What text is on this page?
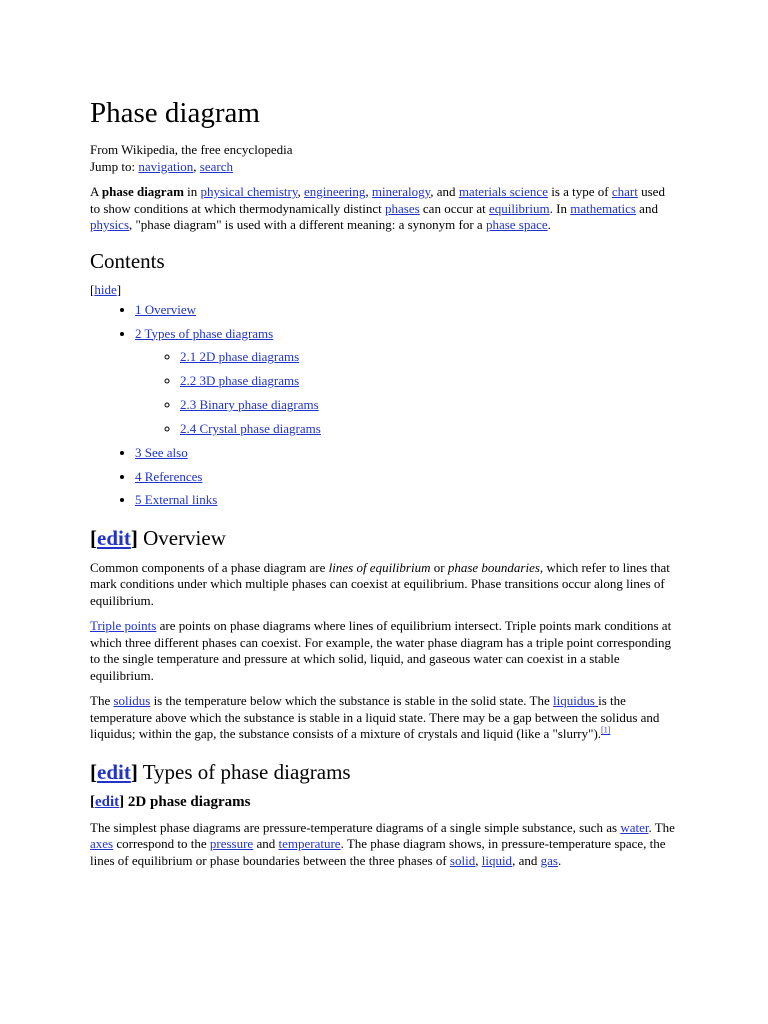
Phase diagram
From Wikipedia, the free encyclopedia
Jump to: navigation, search

A phase diagram in physical chemistry, engineering, mineralogy, and materials science is a type of chart used to show conditions at which thermodynamically distinct phases can occur at equilibrium. In mathematics and physics, "phase diagram" is used with a different meaning: a synonym for a phase space.

Contents
[hide]
• 1 Overview
• 2 Types of phase diagrams
◦ 2.1 2D phase diagrams
◦ 2.2 3D phase diagrams
◦ 2.3 Binary phase diagrams
◦ 2.4 Crystal phase diagrams
• 3 See also
• 4 References
• 5 External links
[edit] Overview

Common components of a phase diagram are lines of equilibrium or phase boundaries, which refer to lines that mark conditions under which multiple phases can coexist at equilibrium. Phase transitions occur along lines of equilibrium.

Triple points are points on phase diagrams where lines of equilibrium intersect. Triple points mark conditions at which three different phases can coexist. For example, the water phase diagram has a triple point corresponding to the single temperature and pressure at which solid, liquid, and gaseous water can coexist in a stable equilibrium.

The solidus is the temperature below which the substance is stable in the solid state. The liquidus is the temperature above which the substance is stable in a liquid state. There may be a gap between the solidus and liquidus; within the gap, the substance consists of a mixture of crystals and liquid (like a "slurry").[1]

[edit] Types of phase diagrams
[edit] 2D phase diagrams

The simplest phase diagrams are pressure-temperature diagrams of a single simple substance, such as water. The axes correspond to the pressure and temperature. The phase diagram shows, in pressure-temperature space, the lines of equilibrium or phase boundaries between the three phases of solid, liquid, and gas.
